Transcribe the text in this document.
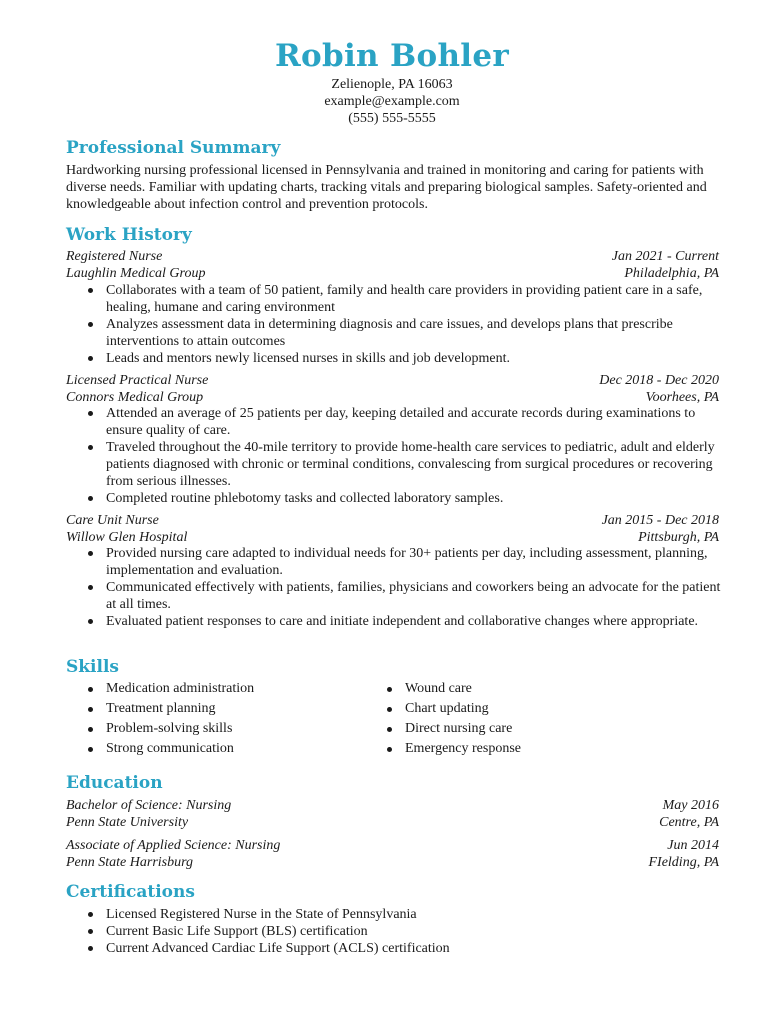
Robin Bohler
Zelienople, PA 16063
example@example.com
(555) 555-5555
Professional Summary
Hardworking nursing professional licensed in Pennsylvania and trained in monitoring and caring for patients with diverse needs. Familiar with updating charts, tracking vitals and preparing biological samples. Safety-oriented and knowledgeable about infection control and prevention protocols.
Work History
Registered Nurse	Jan 2021 - Current
Laughlin Medical Group	Philadelphia, PA
Collaborates with a team of 50 patient, family and health care providers in providing patient care in a safe, healing, humane and caring environment
Analyzes assessment data in determining diagnosis and care issues, and develops plans that prescribe interventions to attain outcomes
Leads and mentors newly licensed nurses in skills and job development.
Licensed Practical Nurse	Dec 2018 - Dec 2020
Connors Medical Group	Voorhees, PA
Attended an average of 25 patients per day, keeping detailed and accurate records during examinations to ensure quality of care.
Traveled throughout the 40-mile territory to provide home-health care services to pediatric, adult and elderly patients diagnosed with chronic or terminal conditions, convalescing from surgical procedures or recovering from serious illnesses.
Completed routine phlebotomy tasks and collected laboratory samples.
Care Unit Nurse	Jan 2015 - Dec 2018
Willow Glen Hospital	Pittsburgh, PA
Provided nursing care adapted to individual needs for 30+ patients per day, including assessment, planning, implementation and evaluation.
Communicated effectively with patients, families, physicians and coworkers being an advocate for the patient at all times.
Evaluated patient responses to care and initiate independent and collaborative changes where appropriate.
Skills
Medication administration
Treatment planning
Problem-solving skills
Strong communication
Wound care
Chart updating
Direct nursing care
Emergency response
Education
Bachelor of Science: Nursing	May 2016
Penn State University	Centre, PA
Associate of Applied Science: Nursing	Jun 2014
Penn State Harrisburg	FIelding, PA
Certifications
Licensed Registered Nurse in the State of Pennsylvania
Current Basic Life Support (BLS) certification
Current Advanced Cardiac Life Support (ACLS) certification
